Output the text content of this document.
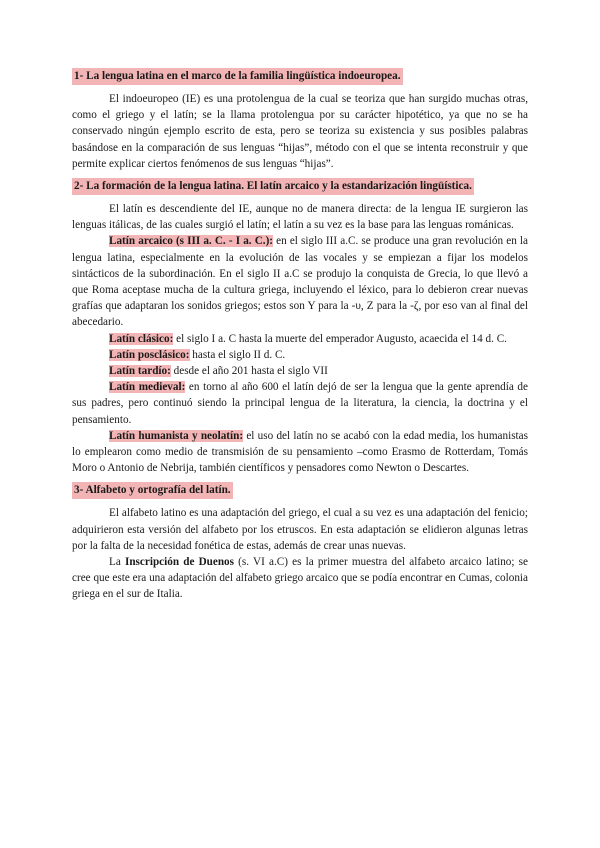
1- La lengua latina en el marco de la familia lingüística indoeuropea.

El indoeuropeo (IE) es una protolengua de la cual se teoriza que han surgido muchas otras, como el griego y el latín; se la llama protolengua por su carácter hipotético, ya que no se ha conservado ningún ejemplo escrito de esta, pero se teoriza su existencia y sus posibles palabras basándose en la comparación de sus lenguas “hijas”, método con el que se intenta reconstruir y que permite explicar ciertos fenómenos de sus lenguas “hijas”.

2- La formación de la lengua latina. El latín arcaico y la estandarización lingüística.

El latín es descendiente del IE, aunque no de manera directa: de la lengua IE surgieron las lenguas itálicas, de las cuales surgió el latín; el latín a su vez es la base para las lenguas románicas.

Latín arcaico (s III a. C. - I a. C.): en el siglo III a.C. se produce una gran revolución en la lengua latina, especialmente en la evolución de las vocales y se empiezan a fijar los modelos sintácticos de la subordinación. En el siglo II a.C se produjo la conquista de Grecia, lo que llevó a que Roma aceptase mucha de la cultura griega, incluyendo el léxico, para lo debieron crear nuevas grafías que adaptaran los sonidos griegos; estos son Y para la -υ, Z para la -ζ, por eso van al final del abecedario.

Latín clásico: el siglo I a. C hasta la muerte del emperador Augusto, acaecida el 14 d. C.

Latín posclásico: hasta el siglo II d. C.

Latín tardío: desde el año 201 hasta el siglo VII

Latín medieval: en torno al año 600 el latín dejó de ser la lengua que la gente aprendía de sus padres, pero continuó siendo la principal lengua de la literatura, la ciencia, la doctrina y el pensamiento.

Latín humanista y neolatín: el uso del latín no se acabó con la edad media, los humanistas lo emplearon como medio de transmisión de su pensamiento –como Erasmo de Rotterdam, Tomás Moro o Antonio de Nebrija, también científicos y pensadores como Newton o Descartes.

3- Alfabeto y ortografía del latín.

El alfabeto latino es una adaptación del griego, el cual a su vez es una adaptación del fenicio; adquirieron esta versión del alfabeto por los etruscos. En esta adaptación se elidieron algunas letras por la falta de la necesidad fonética de estas, además de crear unas nuevas.

La Inscripción de Duenos (s. VI a.C) es la primer muestra del alfabeto arcaico latino; se cree que este era una adaptación del alfabeto griego arcaico que se podía encontrar en Cumas, colonia griega en el sur de Italia.
